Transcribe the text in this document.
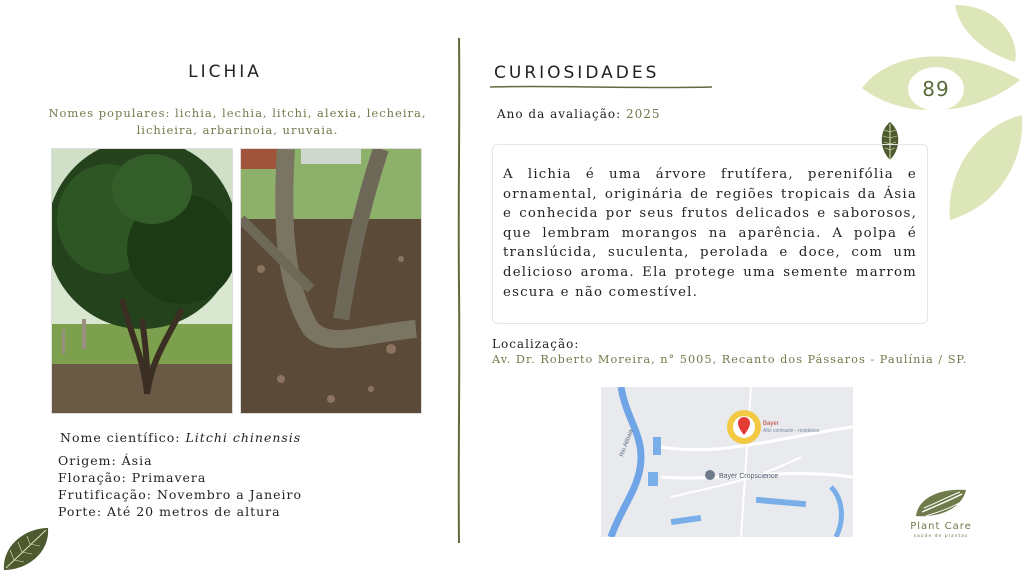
89
LICHIA
Nomes populares: lichia, lechia, litchi, alexia, lecheira,
lichieira, arbarinoia, uruvaia.
Nome científico: Litchi chinensis
Origem: Ásia
Floração: Primavera
Frutificação: Novembro a Janeiro
Porte: Até 20 metros de altura
CURIOSIDADES
Ano da avaliação: 2025
A lichia é uma árvore frutífera, perenifólia e ornamental, originária de regiões tropicais da Ásia e conhecida por seus frutos delicados e saborosos, que lembram morangos na aparência. A polpa é translúcida, suculenta, perolada e doce, com um delicioso aroma. Ela protege uma semente marrom escura e não comestível.
Localização:
Av. Dr. Roberto Moreira, n° 5005, Recanto dos Pássaros - Paulínia / SP.
Rio Atibaia
Bayer
Alto contraste - residence
Bayer Cropscience
Plant Care
saúde de plantas
